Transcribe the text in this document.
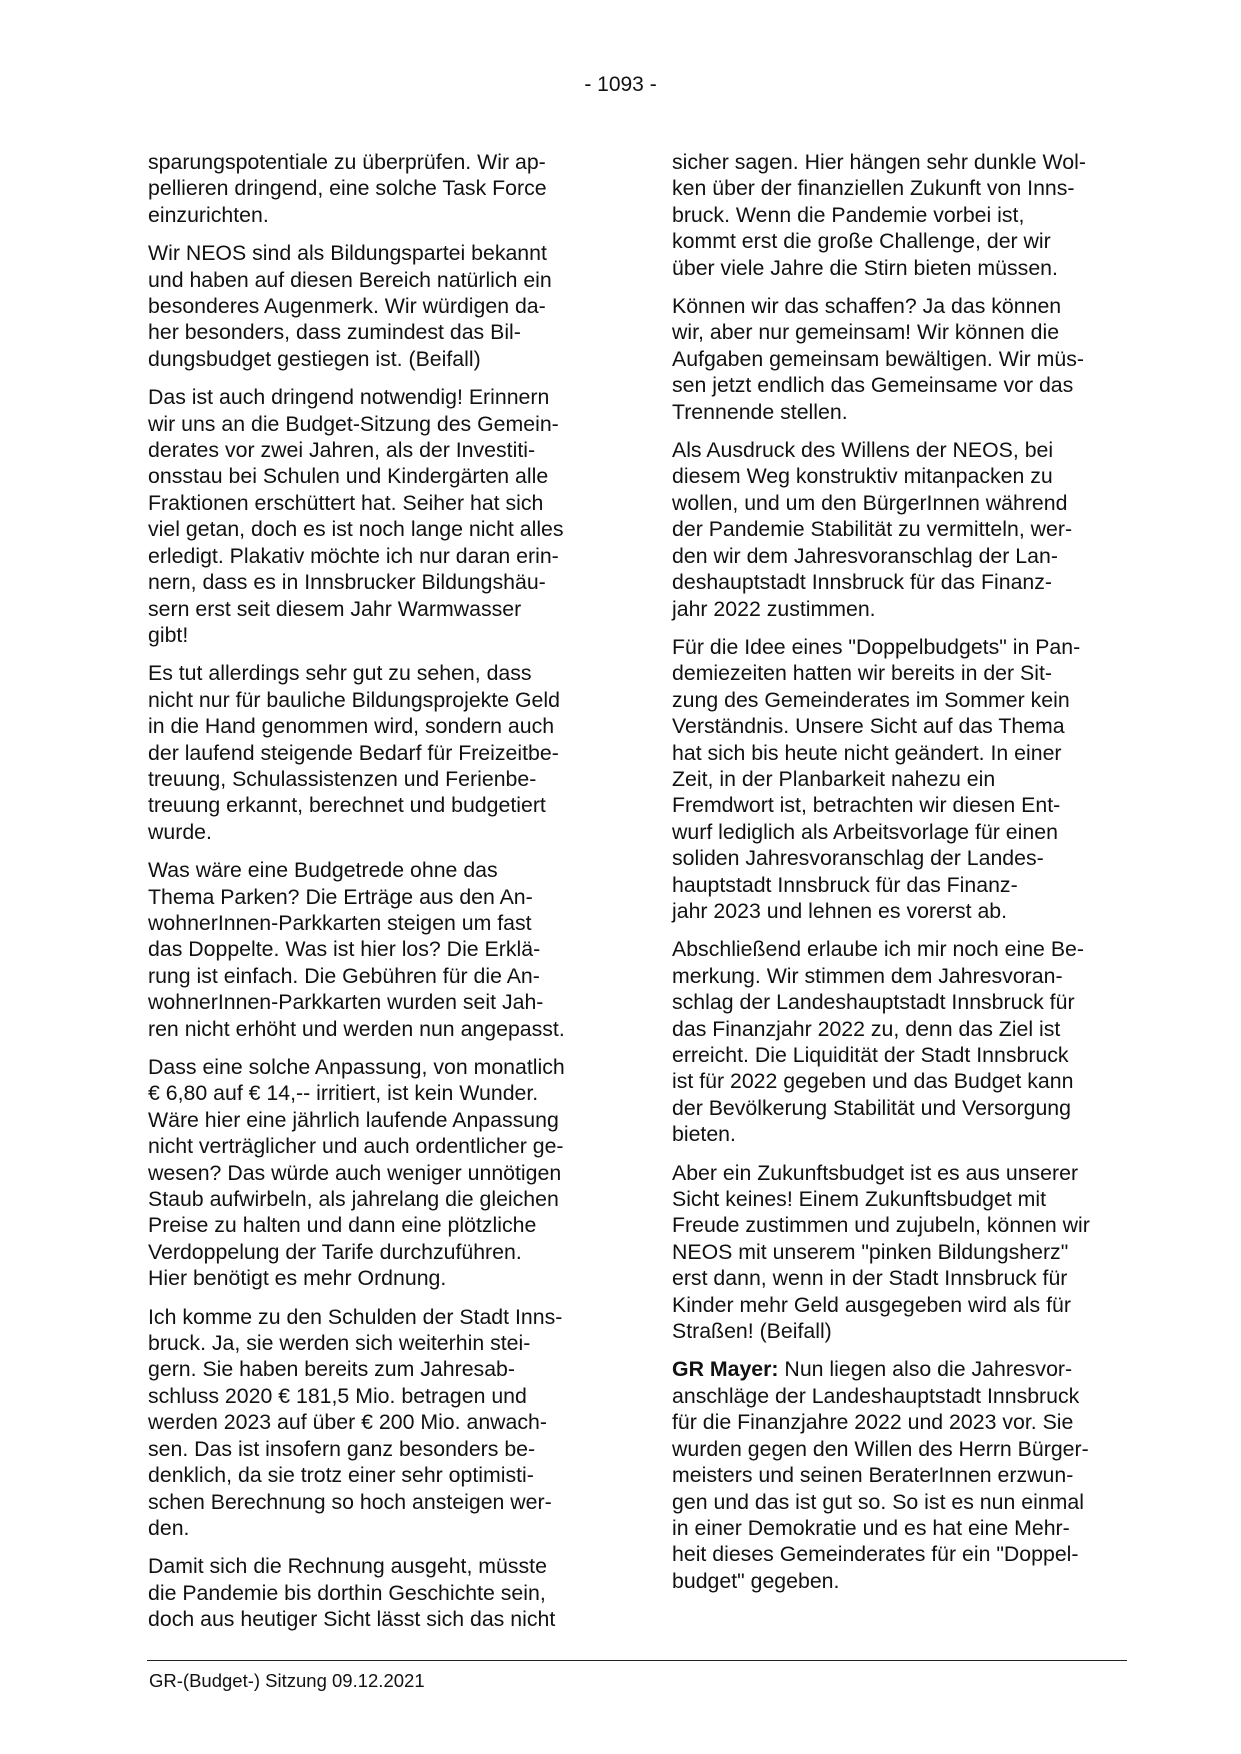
- 1093 -

sparungspotentiale zu überprüfen. Wir ap-
pellieren dringend, eine solche Task Force
einzurichten.

Wir NEOS sind als Bildungspartei bekannt
und haben auf diesen Bereich natürlich ein
besonderes Augenmerk. Wir würdigen da-
her besonders, dass zumindest das Bil-
dungsbudget gestiegen ist. (Beifall)

Das ist auch dringend notwendig! Erinnern
wir uns an die Budget-Sitzung des Gemein-
derates vor zwei Jahren, als der Investiti-
onsstau bei Schulen und Kindergärten alle
Fraktionen erschüttert hat. Seiher hat sich
viel getan, doch es ist noch lange nicht alles
erledigt. Plakativ möchte ich nur daran erin-
nern, dass es in Innsbrucker Bildungshäu-
sern erst seit diesem Jahr Warmwasser
gibt!

Es tut allerdings sehr gut zu sehen, dass
nicht nur für bauliche Bildungsprojekte Geld
in die Hand genommen wird, sondern auch
der laufend steigende Bedarf für Freizeitbe-
treuung, Schulassistenzen und Ferienbe-
treuung erkannt, berechnet und budgetiert
wurde.

Was wäre eine Budgetrede ohne das
Thema Parken? Die Erträge aus den An-
wohnerInnen-Parkkarten steigen um fast
das Doppelte. Was ist hier los? Die Erklä-
rung ist einfach. Die Gebühren für die An-
wohnerInnen-Parkkarten wurden seit Jah-
ren nicht erhöht und werden nun angepasst.

Dass eine solche Anpassung, von monatlich
€ 6,80 auf € 14,-- irritiert, ist kein Wunder.
Wäre hier eine jährlich laufende Anpassung
nicht verträglicher und auch ordentlicher ge-
wesen? Das würde auch weniger unnötigen
Staub aufwirbeln, als jahrelang die gleichen
Preise zu halten und dann eine plötzliche
Verdoppelung der Tarife durchzuführen.
Hier benötigt es mehr Ordnung.

Ich komme zu den Schulden der Stadt Inns-
bruck. Ja, sie werden sich weiterhin stei-
gern. Sie haben bereits zum Jahresab-
schluss 2020 € 181,5 Mio. betragen und
werden 2023 auf über € 200 Mio. anwach-
sen. Das ist insofern ganz besonders be-
denklich, da sie trotz einer sehr optimisti-
schen Berechnung so hoch ansteigen wer-
den.

Damit sich die Rechnung ausgeht, müsste
die Pandemie bis dorthin Geschichte sein,
doch aus heutiger Sicht lässt sich das nicht

sicher sagen. Hier hängen sehr dunkle Wol-
ken über der finanziellen Zukunft von Inns-
bruck. Wenn die Pandemie vorbei ist,
kommt erst die große Challenge, der wir
über viele Jahre die Stirn bieten müssen.

Können wir das schaffen? Ja das können
wir, aber nur gemeinsam! Wir können die
Aufgaben gemeinsam bewältigen. Wir müs-
sen jetzt endlich das Gemeinsame vor das
Trennende stellen.

Als Ausdruck des Willens der NEOS, bei
diesem Weg konstruktiv mitanpacken zu
wollen, und um den BürgerInnen während
der Pandemie Stabilität zu vermitteln, wer-
den wir dem Jahresvoranschlag der Lan-
deshauptstadt Innsbruck für das Finanz-
jahr 2022 zustimmen.

Für die Idee eines "Doppelbudgets" in Pan-
demiezeiten hatten wir bereits in der Sit-
zung des Gemeinderates im Sommer kein
Verständnis. Unsere Sicht auf das Thema
hat sich bis heute nicht geändert. In einer
Zeit, in der Planbarkeit nahezu ein
Fremdwort ist, betrachten wir diesen Ent-
wurf lediglich als Arbeitsvorlage für einen
soliden Jahresvoranschlag der Landes-
hauptstadt Innsbruck für das Finanz-
jahr 2023 und lehnen es vorerst ab.

Abschließend erlaube ich mir noch eine Be-
merkung. Wir stimmen dem Jahresvoran-
schlag der Landeshauptstadt Innsbruck für
das Finanzjahr 2022 zu, denn das Ziel ist
erreicht. Die Liquidität der Stadt Innsbruck
ist für 2022 gegeben und das Budget kann
der Bevölkerung Stabilität und Versorgung
bieten.

Aber ein Zukunftsbudget ist es aus unserer
Sicht keines! Einem Zukunftsbudget mit
Freude zustimmen und zujubeln, können wir
NEOS mit unserem "pinken Bildungsherz"
erst dann, wenn in der Stadt Innsbruck für
Kinder mehr Geld ausgegeben wird als für
Straßen! (Beifall)

GR Mayer: Nun liegen also die Jahresvor-
anschläge der Landeshauptstadt Innsbruck
für die Finanzjahre 2022 und 2023 vor. Sie
wurden gegen den Willen des Herrn Bürger-
meisters und seinen BeraterInnen erzwun-
gen und das ist gut so. So ist es nun einmal
in einer Demokratie und es hat eine Mehr-
heit dieses Gemeinderates für ein "Doppel-
budget" gegeben.

GR-(Budget-) Sitzung 09.12.2021
